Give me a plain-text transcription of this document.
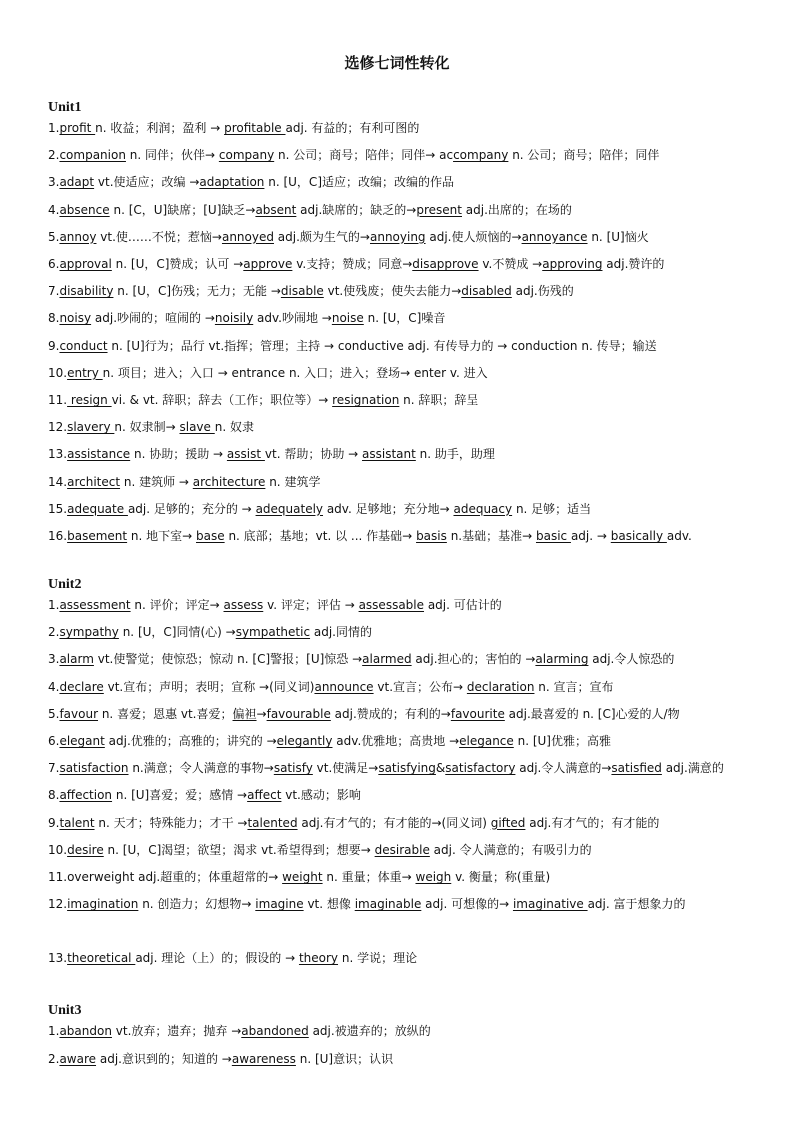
选修七词性转化
Unit1
Unit2
Unit3
1.profit n. 收益；利润；盈利 → profitable adj. 有益的；有利可图的
2.companion n. 同伴；伙伴→ company n. 公司；商号；陪伴；同伴→ accompany n. 公司；商号；陪伴；同伴
3.adapt vt.使适应；改编 →adaptation n. [U，C]适应；改编；改编的作品
4.absence n. [C，U]缺席；[U]缺乏→absent adj.缺席的；缺乏的→present adj.出席的；在场的
5.annoy vt.使……不悦；惹恼→annoyed adj.颇为生气的→annoying adj.使人烦恼的→annoyance n. [U]恼火
6.approval n. [U，C]赞成；认可 →approve v.支持；赞成；同意→disapprove v.不赞成 →approving adj.赞许的
7.disability n. [U，C]伤残；无力；无能 →disable vt.使残废；使失去能力→disabled adj.伤残的
8.noisy adj.吵闹的；喧闹的 →noisily adv.吵闹地 →noise n. [U，C]噪音
9.conduct n. [U]行为；品行 vt.指挥；管理；主持 → conductive adj. 有传导力的 → conduction n. 传导；输送
10.entry n. 项目；进入；入口 → entrance n. 入口；进入；登场→ enter v. 进入
11. resign vi. & vt. 辞职；辞去（工作；职位等）→ resignation n. 辞职；辞呈
12.slavery n. 奴隶制→ slave n. 奴隶
13.assistance n. 协助；援助 → assist vt. 帮助；协助 → assistant n. 助手，助理
14.architect n. 建筑师 → architecture n. 建筑学
15.adequate adj. 足够的；充分的 → adequately adv. 足够地；充分地→ adequacy n. 足够；适当
16.basement n. 地下室→ base n. 底部；基地；vt. 以 ... 作基础→ basis n.基础；基准→ basic adj. → basically adv.
1.assessment n. 评价；评定→ assess v. 评定；评估 → assessable adj. 可估计的
2.sympathy n. [U，C]同情(心) →sympathetic adj.同情的
3.alarm vt.使警觉；使惊恐；惊动 n. [C]警报；[U]惊恐 →alarmed adj.担心的；害怕的 →alarming adj.令人惊恐的
4.declare vt.宣布；声明；表明；宣称 →(同义词)announce vt.宣言；公布→ declaration n. 宣言；宣布
5.favour n. 喜爱；恩惠 vt.喜爱；偏袒→favourable adj.赞成的；有利的→favourite adj.最喜爱的 n. [C]心爱的人/物
6.elegant adj.优雅的；高雅的；讲究的 →elegantly adv.优雅地；高贵地 →elegance n. [U]优雅；高雅
7.satisfaction n.满意；令人满意的事物→satisfy vt.使满足→satisfying&satisfactory adj.令人满意的→satisfied adj.满意的
8.affection n. [U]喜爱；爱；感情 →affect vt.感动；影响
9.talent n. 天才；特殊能力；才干 →talented adj.有才气的；有才能的→(同义词) gifted adj.有才气的；有才能的
10.desire n. [U，C]渴望；欲望；渴求 vt.希望得到；想要→ desirable adj. 令人满意的；有吸引力的
11.overweight adj.超重的；体重超常的→ weight n. 重量；体重→ weigh v. 衡量；称(重量)
12.imagination n. 创造力；幻想物→ imagine vt. 想像 imaginable adj. 可想像的→ imaginative adj. 富于想象力的
13.theoretical adj. 理论（上）的；假设的 → theory n. 学说；理论
1.abandon vt.放弃；遗弃；抛弃 →abandoned adj.被遗弃的；放纵的
2.aware adj.意识到的；知道的 →awareness n. [U]意识；认识
